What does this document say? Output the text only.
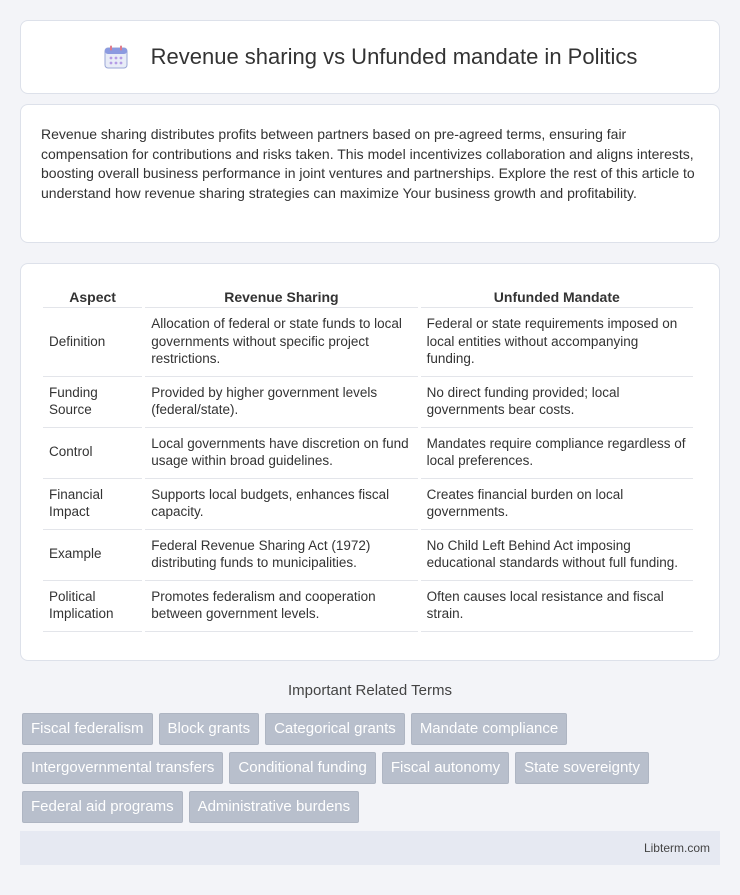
Revenue sharing vs Unfunded mandate in Politics

Revenue sharing distributes profits between partners based on pre-agreed terms, ensuring fair compensation for contributions and risks taken. This model incentivizes collaboration and aligns interests, boosting overall business performance in joint ventures and partnerships. Explore the rest of this article to understand how revenue sharing strategies can maximize Your business growth and profitability.

Aspect	Revenue Sharing	Unfunded Mandate
Definition	Allocation of federal or state funds to local governments without specific project restrictions.	Federal or state requirements imposed on local entities without accompanying funding.
Funding Source	Provided by higher government levels (federal/state).	No direct funding provided; local governments bear costs.
Control	Local governments have discretion on fund usage within broad guidelines.	Mandates require compliance regardless of local preferences.
Financial Impact	Supports local budgets, enhances fiscal capacity.	Creates financial burden on local governments.
Example	Federal Revenue Sharing Act (1972) distributing funds to municipalities.	No Child Left Behind Act imposing educational standards without full funding.
Political Implication	Promotes federalism and cooperation between government levels.	Often causes local resistance and fiscal strain.
Important Related Terms
Fiscal federalism	Block grants	Categorical grants	Mandate compliance
Intergovernmental transfers	Conditional funding	Fiscal autonomy	State sovereignty
Federal aid programs	Administrative burdens
Libterm.com
